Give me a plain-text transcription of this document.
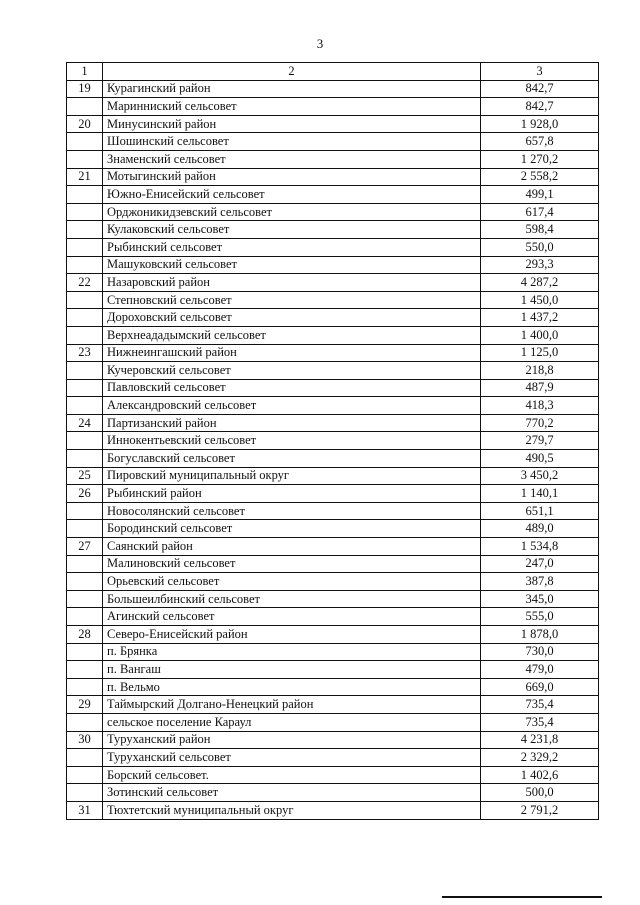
3
1	2	3
19	Курагинский район	842,7
	Маринниский сельсовет	842,7
20	Минусинский район	1 928,0
	Шошинский сельсовет	657,8
	Знаменский сельсовет	1 270,2
21	Мотыгинский район	2 558,2
	Южно-Енисейский сельсовет	499,1
	Орджоникидзевский сельсовет	617,4
	Кулаковский сельсовет	598,4
	Рыбинский сельсовет	550,0
	Машуковский сельсовет	293,3
22	Назаровский район	4 287,2
	Степновский сельсовет	1 450,0
	Дороховский сельсовет	1 437,2
	Верхнеададымский сельсовет	1 400,0
23	Нижнеингашский район	1 125,0
	Кучеровский сельсовет	218,8
	Павловский сельсовет	487,9
	Александровский сельсовет	418,3
24	Партизанский район	770,2
	Иннокентьевский сельсовет	279,7
	Богуславский сельсовет	490,5
25	Пировский муниципальный округ	3 450,2
26	Рыбинский район	1 140,1
	Новосолянский сельсовет	651,1
	Бородинский сельсовет	489,0
27	Саянский район	1 534,8
	Малиновский сельсовет	247,0
	Орьевский сельсовет	387,8
	Большеилбинский сельсовет	345,0
	Агинский сельсовет	555,0
28	Северо-Енисейский район	1 878,0
	п. Брянка	730,0
	п. Вангаш	479,0
	п. Вельмо	669,0
29	Таймырский Долгано-Ненецкий район	735,4
	сельское поселение Караул	735,4
30	Туруханский район	4 231,8
	Туруханский сельсовет	2 329,2
	Борский сельсовет.	1 402,6
	Зотинский сельсовет	500,0
31	Тюхтетский муниципальный округ	2 791,2
